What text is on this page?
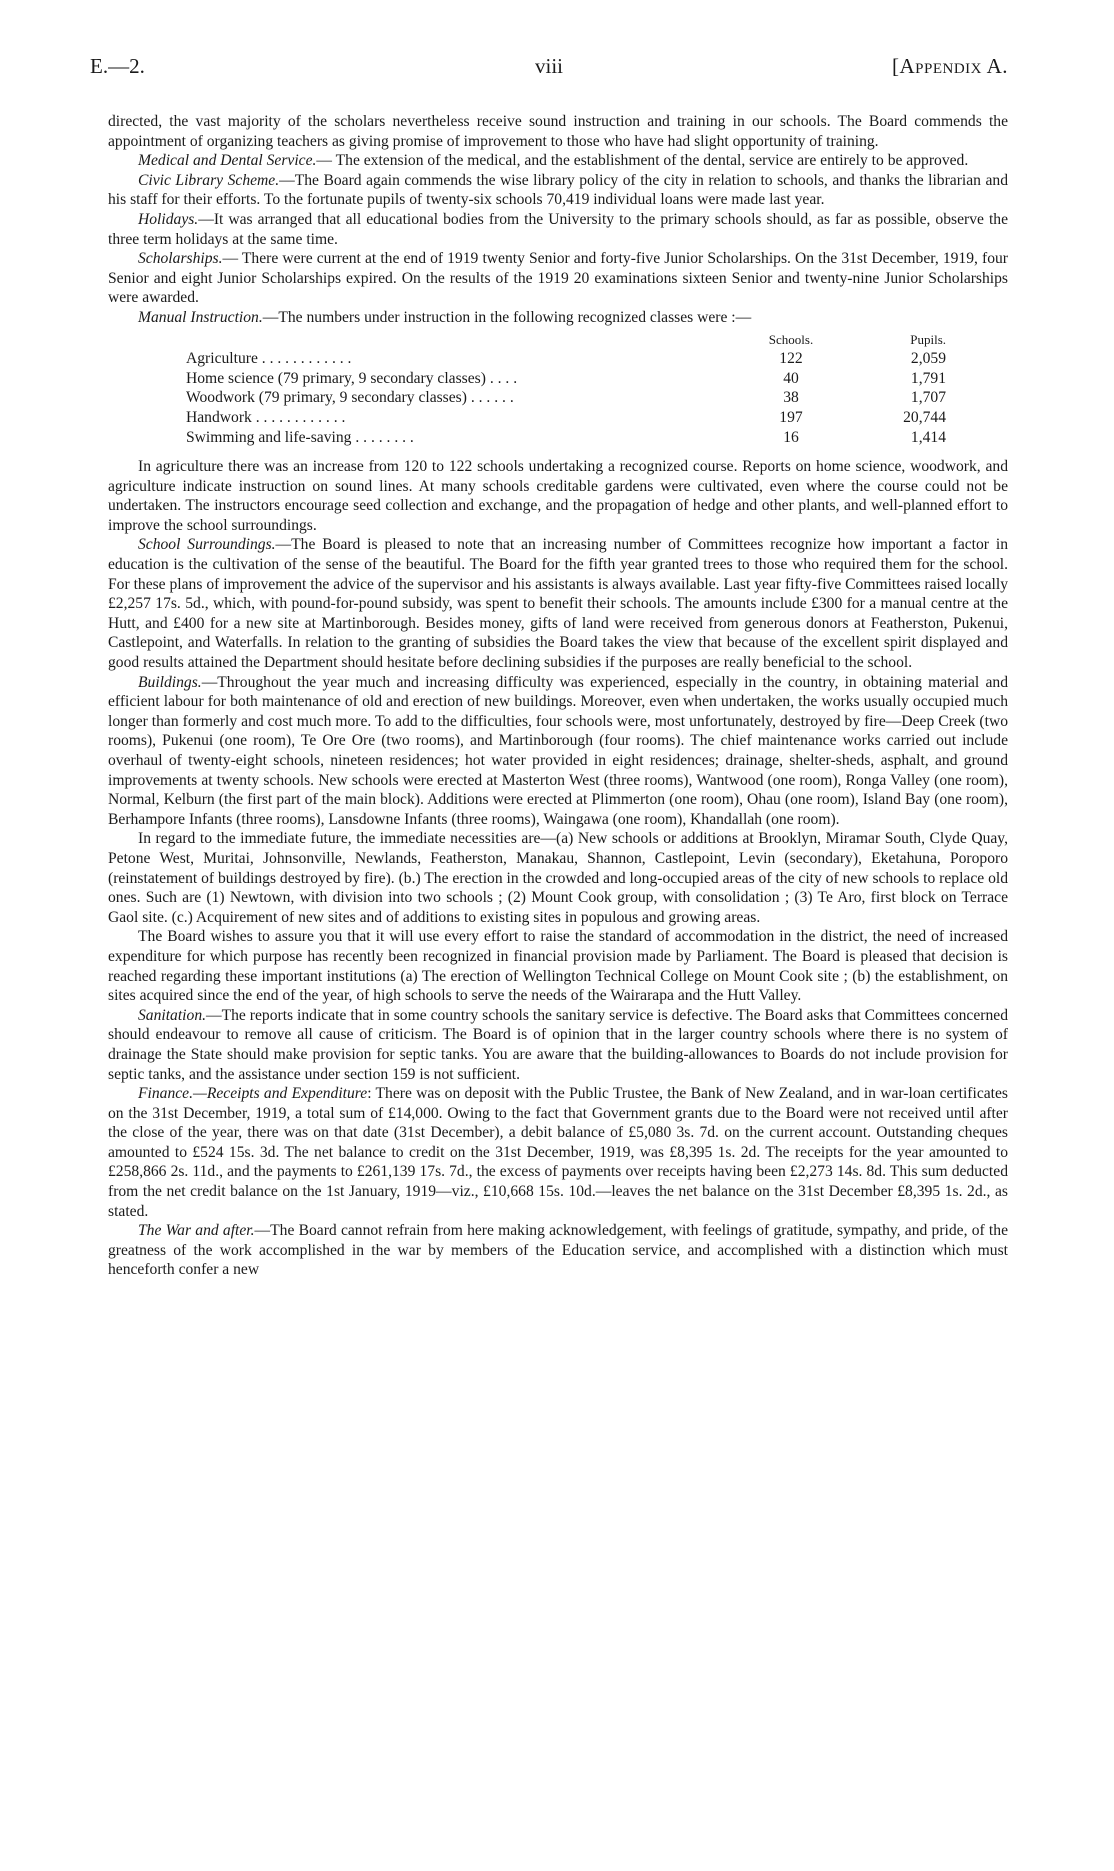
E.—2.	viii	[Appendix A.

directed, the vast majority of the scholars nevertheless receive sound instruction and training in our schools. The Board commends the appointment of organizing teachers as giving promise of improvement to those who have had slight opportunity of training.

Medical and Dental Service.— The extension of the medical, and the establishment of the dental, service are entirely to be approved.

Civic Library Scheme.—The Board again commends the wise library policy of the city in relation to schools, and thanks the librarian and his staff for their efforts. To the fortunate pupils of twenty-six schools 70,419 individual loans were made last year.

Holidays.—It was arranged that all educational bodies from the University to the primary schools should, as far as possible, observe the three term holidays at the same time.

Scholarships.— There were current at the end of 1919 twenty Senior and forty-five Junior Scholarships. On the 31st December, 1919, four Senior and eight Junior Scholarships expired. On the results of the 1919 20 examinations sixteen Senior and twenty-nine Junior Scholarships were awarded.

Manual Instruction.—The numbers under instruction in the following recognized classes were :—

	Schools.	Pupils.
Agriculture . . . . . . . . . . . .	122	2,059
Home science (79 primary, 9 secondary classes) . . . .	40	1,791
Woodwork (79 primary, 9 secondary classes) . . . . . .	38	1,707
Handwork . . . . . . . . . . . .	197	20,744
Swimming and life-saving . . . . . . . .	16	1,414

In agriculture there was an increase from 120 to 122 schools undertaking a recognized course. Reports on home science, woodwork, and agriculture indicate instruction on sound lines. At many schools creditable gardens were cultivated, even where the course could not be undertaken. The instructors encourage seed collection and exchange, and the propagation of hedge and other plants, and well-planned effort to improve the school surroundings.

School Surroundings.—The Board is pleased to note that an increasing number of Committees recognize how important a factor in education is the cultivation of the sense of the beautiful. The Board for the fifth year granted trees to those who required them for the school. For these plans of improvement the advice of the supervisor and his assistants is always available. Last year fifty-five Committees raised locally £2,257 17s. 5d., which, with pound-for-pound subsidy, was spent to benefit their schools. The amounts include £300 for a manual centre at the Hutt, and £400 for a new site at Martinborough. Besides money, gifts of land were received from generous donors at Featherston, Pukenui, Castlepoint, and Waterfalls. In relation to the granting of subsidies the Board takes the view that because of the excellent spirit displayed and good results attained the Department should hesitate before declining subsidies if the purposes are really beneficial to the school.

Buildings.—Throughout the year much and increasing difficulty was experienced, especially in the country, in obtaining material and efficient labour for both maintenance of old and erection of new buildings. Moreover, even when undertaken, the works usually occupied much longer than formerly and cost much more. To add to the difficulties, four schools were, most unfortunately, destroyed by fire—Deep Creek (two rooms), Pukenui (one room), Te Ore Ore (two rooms), and Martinborough (four rooms). The chief maintenance works carried out include overhaul of twenty-eight schools, nineteen residences; hot water provided in eight residences; drainage, shelter-sheds, asphalt, and ground improvements at twenty schools. New schools were erected at Masterton West (three rooms), Wantwood (one room), Ronga Valley (one room), Normal, Kelburn (the first part of the main block). Additions were erected at Plimmerton (one room), Ohau (one room), Island Bay (one room), Berhampore Infants (three rooms), Lansdowne Infants (three rooms), Waingawa (one room), Khandallah (one room).

In regard to the immediate future, the immediate necessities are—(a) New schools or additions at Brooklyn, Miramar South, Clyde Quay, Petone West, Muritai, Johnsonville, Newlands, Featherston, Manakau, Shannon, Castlepoint, Levin (secondary), Eketahuna, Poroporo (reinstatement of buildings destroyed by fire). (b.) The erection in the crowded and long-occupied areas of the city of new schools to replace old ones. Such are (1) Newtown, with division into two schools ; (2) Mount Cook group, with consolidation ; (3) Te Aro, first block on Terrace Gaol site. (c.) Acquirement of new sites and of additions to existing sites in populous and growing areas.

The Board wishes to assure you that it will use every effort to raise the standard of accommodation in the district, the need of increased expenditure for which purpose has recently been recognized in financial provision made by Parliament. The Board is pleased that decision is reached regarding these important institutions (a) The erection of Wellington Technical College on Mount Cook site ; (b) the establishment, on sites acquired since the end of the year, of high schools to serve the needs of the Wairarapa and the Hutt Valley.

Sanitation.—The reports indicate that in some country schools the sanitary service is defective. The Board asks that Committees concerned should endeavour to remove all cause of criticism. The Board is of opinion that in the larger country schools where there is no system of drainage the State should make provision for septic tanks. You are aware that the building-allowances to Boards do not include provision for septic tanks, and the assistance under section 159 is not sufficient.

Finance.—Receipts and Expenditure: There was on deposit with the Public Trustee, the Bank of New Zealand, and in war-loan certificates on the 31st December, 1919, a total sum of £14,000. Owing to the fact that Government grants due to the Board were not received until after the close of the year, there was on that date (31st December), a debit balance of £5,080 3s. 7d. on the current account. Outstanding cheques amounted to £524 15s. 3d. The net balance to credit on the 31st December, 1919, was £8,395 1s. 2d. The receipts for the year amounted to £258,866 2s. 11d., and the payments to £261,139 17s. 7d., the excess of payments over receipts having been £2,273 14s. 8d. This sum deducted from the net credit balance on the 1st January, 1919—viz., £10,668 15s. 10d.—leaves the net balance on the 31st December £8,395 1s. 2d., as stated.

The War and after.—The Board cannot refrain from here making acknowledgement, with feelings of gratitude, sympathy, and pride, of the greatness of the work accomplished in the war by members of the Education service, and accomplished with a distinction which must henceforth confer a new
